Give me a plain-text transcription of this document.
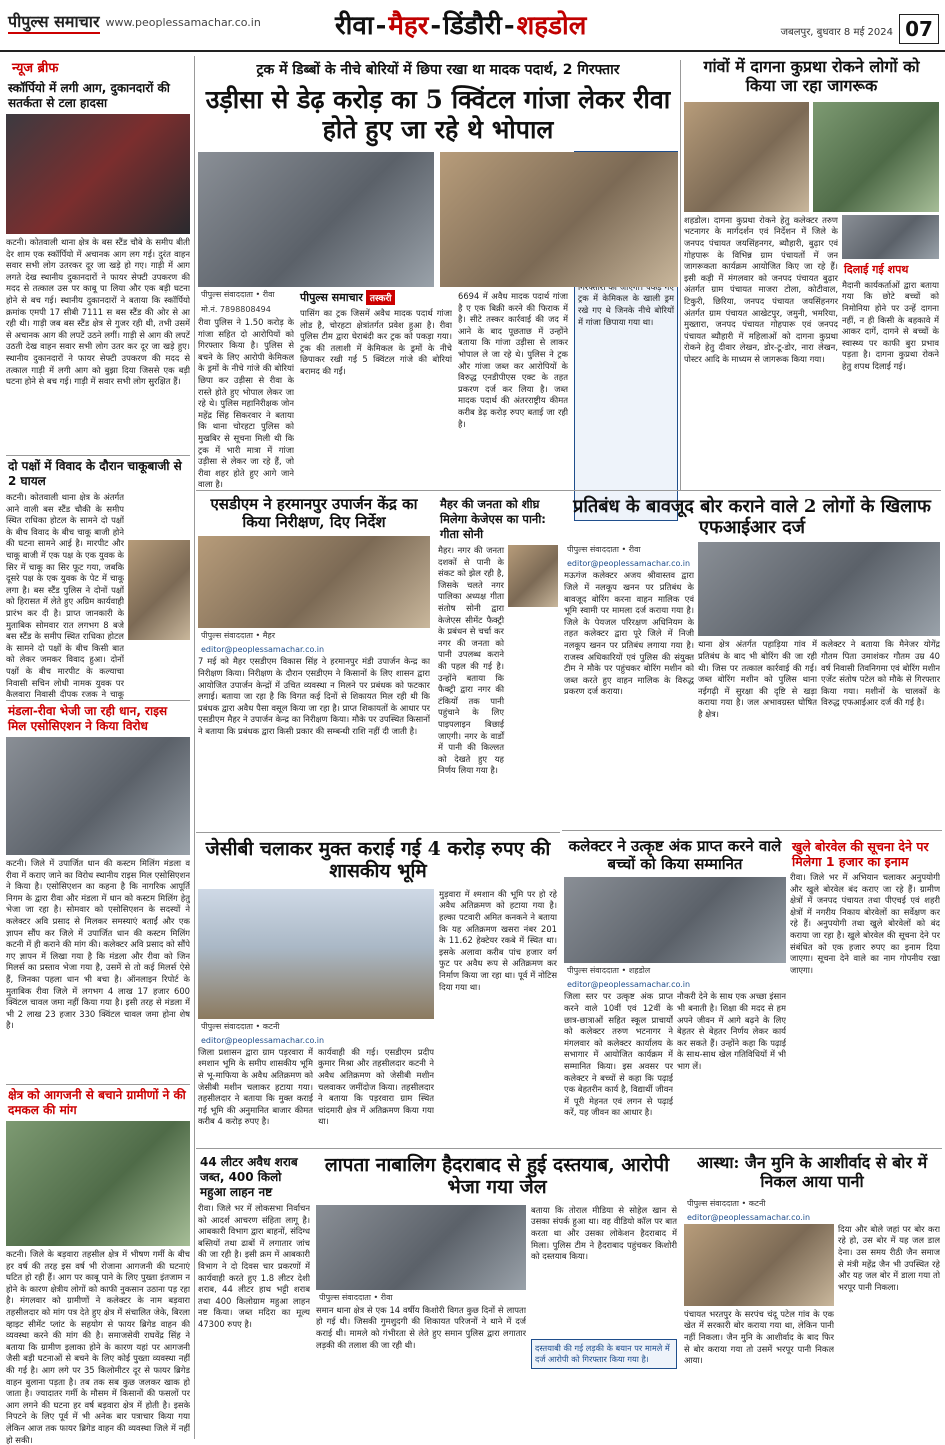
पीपुल्स समाचार www.peoplessamachar.co.in	रीवा-मैहर-डिंडौरी-शहडोल	जबलपुर, बुधवार 8 मई 2024 07
न्यूज ब्रीफ
स्कॉर्पियो में लगी आग, दुकानदारों की सतर्कता से टला हादसा
कटनी। कोतवाली थाना क्षेत्र के बस स्टैंड चौबे के समीप बीती देर शाम एक स्कॉर्पियो में अचानक आग लग गई। दुरंत वाहन सवार सभी लोग उतरकर दूर जा खड़े हो गए। गाड़ी में आग लगते देख स्थानीय दुकानदारों ने फायर सेफ्टी उपकरण की मदद से तत्काल उस पर काबू पा लिया और एक बड़ी घटना होने से बच गई। स्थानीय दुकानदारों ने बताया कि स्कॉर्पियो क्रमांक एमपी 17 सीबी 7111 स बस स्टैंड की ओर से आ रही थी। गाड़ी जब बस स्टैंड क्षेत्र से गुजर रही थी, तभी उसमें से अचानक आग की लपटें उठने लगीं। गाड़ी से आग की लपटें उठती देख वाहन सवार सभी लोग उतर कर दूर जा खड़े हुए। स्थानीय दुकानदारों ने फायर सेफ्टी उपकरण की मदद से तत्काल गाड़ी में लगी आग को बुझा दिया जिससे एक बड़ी घटना होने से बच गई। गाड़ी में सवार सभी लोग सुरक्षित हैं।
दो पक्षों में विवाद के दौरान चाकूबाजी से 2 घायल
कटनी। कोतवाली थाना क्षेत्र के अंतर्गत आने वाली बस स्टैंड चौकी के समीप स्थित राधिका होटल के सामने दो पक्षों के बीच विवाद के बीच चाकू बाजी होने की घटना सामने आई है। मारपीट और चाकू बाजी में एक पक्ष के एक युवक के सिर में चाकू का सिर फूट गया, जबकि दूसरे पक्ष के एक युवक के पेट में चाकू लगा है। बस स्टैंड पुलिस ने दोनों पक्षों को हिरासत में लेते हुए अग्रिम कार्यवाही प्रारंभ कर दी है। प्राप्त जानकारी के मुताबिक सोमवार रात लगभग 8 बजे बस स्टैंड के समीप स्थित राधिका होटल के सामने दो पक्षों के बीच किसी बात को लेकर जमकर विवाद हुआ। दोनों पक्षों के बीच मारपीट के कल्याचा निवासी सचिन लोधी नामक युवक पर कैलवारा निवासी दीपक रजक ने चाकू
मंडला-रीवा भेजी जा रही धान, राइस मिल एसोसिएशन ने किया विरोध
कटनी। जिले में उपार्जित धान की कस्टम मिलिंग मंडला व रीवा में कराए जाने का विरोध स्थानीय राइस मिल एसोसिएशन ने किया है। एसोसिएशन का कहना है कि नागरिक आपूर्ति निगम के द्वारा रीवा और मंडला में धान को कस्टम मिलिंग हेतु भेजा जा रहा है। सोमवार को एसोसिएशन के सदस्यों ने कलेक्टर अवि प्रसाद से मिलकर समस्याएं बताईं और एक ज्ञापन सौंप कर जिले में उपार्जित धान की कस्टम मिलिंग कटनी में ही कराने की मांग की। कलेक्टर अवि प्रसाद को सौंपे गए ज्ञापन में लिखा गया है कि मंडला और रीवा को जिन मिलर्स का प्रस्ताव भेजा गया है, उसमें से तो कई मिलर्स ऐसे हैं, जिनका पहला धान भी बचा है। ऑनलाइन रिपोर्ट के मुताबिक रीवा जिले में लगभग 4 लाख 17 हजार 600 क्विंटल चावल जमा नहीं किया गया है। इसी तरह से मंडला में भी 2 लाख 23 हजार 330 क्विंटल चावल जमा होना शेष है।
क्षेत्र को आगजनी से बचाने ग्रामीणों ने की दमकल की मांग
कटनी। जिले के बड़वारा तहसील क्षेत्र में भीषण गर्मी के बीच हर वर्ष की तरह इस वर्ष भी रोजाना आगजनी की घटनाएं घटित हो रही हैं। आग पर काबू पाने के लिए पुख्ता इंतजाम न होने के कारण क्षेत्रीय लोगों को काफी नुकसान उठाना पड़ रहा है। मंगलवार को ग्रामीणों ने कलेक्टर के नाम बड़वारा तहसीलदार को मांग पत्र देते हुए क्षेत्र में संचालित जेके, बिरला व्हाइट सीमेंट प्लांट के सहयोग से फायर ब्रिगेड वाहन की व्यवस्था करने की मांग की है। समाजसेवी राघवेंद्र सिंह ने बताया कि ग्रामीण इलाका होने के कारण यहां पर आगजनी जैसी बड़ी घटनाओं से बचने के लिए कोई पुख्ता व्यवस्था नहीं की गई है। आग लगे पर 35 किलोमीटर दूर से फायर ब्रिगेड वाहन बुलाना पड़ता है। तब तक सब कुछ जलकर खाक हो जाता है। ज्यादातर गर्मी के मौसम में किसानों की फसलों पर आग लगने की घटना हर वर्ष बड़वारा क्षेत्र में होती है। इसके निपटने के लिए पूर्व में भी अनेक बार पत्राचार किया गया लेकिन आज तक फायर ब्रिगेड वाहन की व्यवस्था जिले में नहीं हो सकी।
ट्रक में डिब्बों के नीचे बोरियों में छिपा रखा था मादक पदार्थ, 2 गिरफ्तार
उड़ीसा से डेढ़ करोड़ का 5 क्विंटल गांजा लेकर रीवा होते हुए जा रहे थे भोपाल
पीपुल्स संवाददाता • रीवा
मो.नं. 7898808494
रीवा पुलिस ने 1.50 करोड़ के गांजा सहित दो आरोपियों को गिरफ्तार किया है। पुलिस से बचने के लिए आरोपी केमिकल के ड्रमों के नीचे गांजे की बोरियां छिपा कर उड़ीसा से रीवा के रास्ते होते हुए भोपाल लेकर जा रहे थे। पुलिस महानिरीक्षक जोन महेंद्र सिंह सिकरवार ने बताया कि थाना चोरहटा पुलिस को मुखबिर से सूचना मिली थी कि ट्रक में भारी मात्रा में गांजा उड़ीसा से लेकर जा रहे हैं, जो रीवा शहर होते हुए आगे जाने वाला है।
पीपुल्स समाचार तस्करी
पासिंग का ट्रक जिसमें अवैध मादक पदार्थ गांजा लोड है, चोरहटा क्षेत्रांतर्गत प्रवेश हुआ है। रीवा पुलिस टीम द्वारा घेराबंदी कर ट्रक को पकड़ा गया। ट्रक की तलाशी में केमिकल के ड्रमों के नीचे छिपाकर रखी गई 5 क्विंटल गांजे की बोरियां बरामद की गईं।
6694 में अवैध मादक पदार्थ गांजा है ए एक बिक्री करने की फिराक में है। सीटे तस्कर कार्रवाई की जद में आने के बाद पूछताछ में उन्होंने बताया कि गांजा उड़ीसा से लाकर भोपाल ले जा रहे थे। पुलिस ने ट्रक और गांजा जब्त कर आरोपियों के विरुद्ध एनडीपीएस एक्ट के तहत प्रकरण दर्ज कर लिया है। जब्त मादक पदार्थ की अंतरराष्ट्रीय कीमत करीब डेढ़ करोड़ रुपए बताई जा रही है।
ट्रक में केमिकल के खाली ड्रम रखे गए थे जिनके नीचे बोरियों में गांजा छिपाया गया था।
गांवों में दागना कुप्रथा रोकने लोगों को किया जा रहा जागरूक
शहडोल। दागना कुप्रथा रोकने हेतु कलेक्टर तरुण भटनागर के मार्गदर्शन एवं निर्देशन में जिले के जनपद पंचायत जयसिंहनगर, ब्यौहारी, बुढ़ार एवं गोहपारू के विभिन्न ग्राम पंचायतों में जन जागरूकता कार्यक्रम आयोजित किए जा रहे हैं। इसी कड़ी में मंगलवार को जनपद पंचायत बुढ़ार अंतर्गत ग्राम पंचायत माजरा टोला, कोटीवाल, टिकुरी, छिरिया, जनपद पंचायत जयसिंहनगर अंतर्गत ग्राम पंचायत आखेटपुर, जमुनी, भमरिया, मुख्तारा, जनपद पंचायत गोहपारू एवं जनपद पंचायत ब्यौहारी में महिलाओं को दागना कुप्रथा रोकने हेतु दीवार लेखन, डोर-टू-डोर, नारा लेखन, पोस्टर आदि के माध्यम से जागरूक किया गया।
दिलाई गई शपथ
मैदानी कार्यकर्ताओं द्वारा बताया गया कि छोटे बच्चों को निमोनिया होने पर उन्हें दागना नहीं, न ही किसी के बहकावे में आकर दागें, दागने से बच्चों के स्वास्थ्य पर काफी बुरा प्रभाव पड़ता है। दागना कुप्रथा रोकने हेतु शपथ दिलाई गई।
एसडीएम ने हरमानपुर उपार्जन केंद्र का किया निरीक्षण, दिए निर्देश
पीपुल्स संवाददाता • मैहर
editor@peoplessamachar.co.in
7 मई को मैहर एसडीएम विकास सिंह ने हरमानपुर मंडी उपार्जन केन्द्र का निरीक्षण किया। निरीक्षण के दौरान एसडीएम ने किसानों के लिए शासन द्वारा आयोजित उपार्जन केन्द्रों में उचित व्यवस्था न मिलने पर प्रबंधक को फटकार लगाई। बताया जा रहा है कि विगत कई दिनों से शिकायत मिल रही थी कि प्रबंधक द्वारा अवैध पैसा वसूल किया जा रहा है। प्राप्त शिकायतों के आधार पर एसडीएम मैहर ने उपार्जन केन्द्र का निरीक्षण किया। मौके पर उपस्थित किसानों ने बताया कि प्रबंधक द्वारा किसी प्रकार की सम्बन्धी राशि नहीं दी जाती है।
मैहर की जनता को शीघ्र मिलेगा केजेएस का पानी: गीता सोनी
मैहर। नगर की जनता दशकों से पानी के संकट को झेल रही है, जिसके चलते नगर पालिका अध्यक्ष गीता संतोष सोनी द्वारा केजेएस सीमेंट फैक्ट्री के प्रबंधन से चर्चा कर नगर की जनता को पानी उपलब्ध कराने की पहल की गई है। उन्होंने बताया कि फैक्ट्री द्वारा नगर की टंकियों तक पानी पहुंचाने के लिए पाइपलाइन बिछाई जाएगी। नगर के वार्डों में पानी की किल्लत को देखते हुए यह निर्णय लिया गया है।
प्रतिबंध के बावजूद बोर कराने वाले 2 लोगों के खिलाफ एफआईआर दर्ज
पीपुल्स संवाददाता • रीवा
editor@peoplessamachar.co.in
मऊगंज कलेक्टर अजय श्रीवास्तव द्वारा जिले में नलकूप खनन पर प्रतिबंध के बावजूद बोरिंग करना वाहन मालिक एवं भूमि स्वामी पर मामला दर्ज कराया गया है। जिले के पेयजल परिरक्षण अधिनियम के तहत कलेक्टर द्वारा पूरे जिले में निजी नलकूप खनन पर प्रतिबंध लगाया गया है। राजस्व अधिकारियों एवं पुलिस की संयुक्त टीम ने मौके पर पहुंचकर बोरिंग मशीन को जब्त करते हुए वाहन मालिक के विरुद्ध प्रकरण दर्ज कराया।
थाना क्षेत्र अंतर्गत पहाड़िया गांव में प्रतिबंध के बाद भी बोरिंग की जा रही थी। जिस पर तत्काल कार्रवाई की गई। जब्त बोरिंग मशीन को पुलिस थाना नईगढ़ी में सुरक्षा की दृष्टि से खड़ा कराया गया है। जल अभावग्रस्त घोषित है क्षेत्र।
कलेक्टर ने बताया कि मैनेजर योगेंद्र गौतम पिता उमाशंकर गौतम उम्र 40 वर्ष निवासी तिवनिगमा एवं बोरिंग मशीन एजेंट संतोष पटेल को मौके से गिरफ्तार किया गया। मशीनों के चालकों के विरुद्ध एफआईआर दर्ज की गई है।
जेसीबी चलाकर मुक्त कराई गई 4 करोड़ रुपए की शासकीय भूमि
पीपुल्स संवाददाता • कटनी
editor@peoplessamachar.co.in
जिला प्रशासन द्वारा ग्राम पड़रवारा में श्मशान भूमि के समीप शासकीय भूमि से भू-माफिया के अवैध अतिक्रमण को जेसीबी मशीन चलाकर हटाया गया। तहसीलदार ने बताया कि मुक्त कराई गई भूमि की अनुमानित बाजार कीमत करीब 4 करोड़ रुपए है।
कार्यवाही की गई। एसडीएम प्रदीप कुमार मिश्रा और तहसीलदार कटनी ने अवैध अतिक्रमण को जेसीबी मशीन चलवाकर जमींदोज किया। तहसीलदार ने बताया कि पड़रवारा ग्राम स्थित चांदमारी क्षेत्र में अतिक्रमण किया गया था।
मुड़वारा में श्मशान की भूमि पर हो रहे अवैध अतिक्रमण को हटाया गया है। हल्का पटवारी अमित कनकने ने बताया कि यह अतिक्रमण खसरा नंबर 201 के 11.62 हेक्टेयर रकबे में स्थित था। इसके अलावा करीब पांच हजार वर्ग फुट पर अवैध रूप से अतिक्रमण कर निर्माण किया जा रहा था। पूर्व में नोटिस दिया गया था।
कलेक्टर ने उत्कृष्ट अंक प्राप्त करने वाले बच्चों को किया सम्मानित
पीपुल्स संवाददाता • शहडोल
editor@peoplessamachar.co.in
जिला स्तर पर उत्कृष्ट अंक प्राप्त करने वाले 10वीं एवं 12वीं के छात्र-छात्राओं सहित स्कूल प्राचार्यों को कलेक्टर तरुण भटनागर ने मंगलवार को कलेक्टर कार्यालय के सभागार में आयोजित कार्यक्रम में सम्मानित किया। इस अवसर पर कलेक्टर ने बच्चों से कहा कि पढ़ाई एक बेहतरीन कार्य है, विद्यार्थी जीवन में पूरी मेहनत एवं लगन से पढ़ाई करें, यह जीवन का आधार है।
नौकरी देने के साथ एक अच्छा इंसान भी बनाती है। शिक्षा की मदद से हम अपने जीवन में आगे बढ़ने के लिए बेहतर से बेहतर निर्णय लेकर कार्य कर सकते हैं। उन्होंने कहा कि पढ़ाई के साथ-साथ खेल गतिविधियों में भी भाग लें।
खुले बोरवेल की सूचना देने पर मिलेगा 1 हजार का इनाम
रीवा। जिले भर में अभियान चलाकर अनुपयोगी और खुले बोरवेल बंद कराए जा रहे हैं। ग्रामीण क्षेत्रों में जनपद पंचायत तथा पीएचई एवं शहरी क्षेत्रों में नगरीय निकाय बोरवेलों का सर्वेक्षण कर रहे हैं। अनुपयोगी तथा खुले बोरवेलों को बंद कराया जा रहा है। खुले बोरवेल की सूचना देने पर संबंधित को एक हजार रुपए का इनाम दिया जाएगा। सूचना देने वाले का नाम गोपनीय रखा जाएगा।
44 लीटर अवैध शराब जब्त, 400 किलो महुआ लाहन नष्ट
रीवा। जिले भर में लोकसभा निर्वाचन को आदर्श आचरण संहिता लागू है। आबकारी विभाग द्वारा बाहनों, संदिग्ध बस्तियों तथा ढाबों में लगातार जांच की जा रही है। इसी क्रम में आबकारी विभाग ने दो दिवस चार प्रकरणों में कार्यवाही करते हुए 1.8 लीटर देशी शराब, 44 लीटर हाथ भट्टी शराब तथा 400 किलोग्राम महुआ लाहन नष्ट किया। जब्त मदिरा का मूल्य 47300 रुपए है।
लापता नाबालिग हैदराबाद से हुई दस्तयाब, आरोपी भेजा गया जेल
पीपुल्स संवाददाता • रीवा
समान थाना क्षेत्र से एक 14 वर्षीय किशोरी विगत कुछ दिनों से लापता हो गई थी। जिसकी गुमशुदगी की शिकायत परिजनों ने थाने में दर्ज कराई थी। मामले को गंभीरता से लेते हुए समान पुलिस द्वारा लगातार लड़की की तलाश की जा रही थी।
बताया कि तोराल मीडिया से सोहेल खान से उसका संपर्क हुआ था। वह वीडियो कॉल पर बात करता था और उसका लोकेशन हैदराबाद में मिला। पुलिस टीम ने हैदराबाद पहुंचकर किशोरी को दस्तयाब किया।
दस्तयाबी की गई लड़की के बयान पर मामले में दर्ज आरोपी को गिरफ्तार किया गया है।
आस्था: जैन मुनि के आशीर्वाद से बोर में निकल आया पानी
पीपुल्स संवाददाता • कटनी
editor@peoplessamachar.co.in
पंचायत भरतपुर के सरपंच चंदू पटेल गांव के एक खेत में सरकारी बोर कराया गया था, लेकिन पानी नहीं निकला। जैन मुनि के आशीर्वाद के बाद फिर से बोर कराया गया तो उसमें भरपूर पानी निकल आया।
दिया और बोले जहां पर बोर करा रहे हो, उस बोर में यह जल डाल देना। उस समय रीठी जैन समाज से मंत्री महेंद्र जैन भी उपस्थित रहे और यह जल बोर में डाला गया तो भरपूर पानी निकला।
